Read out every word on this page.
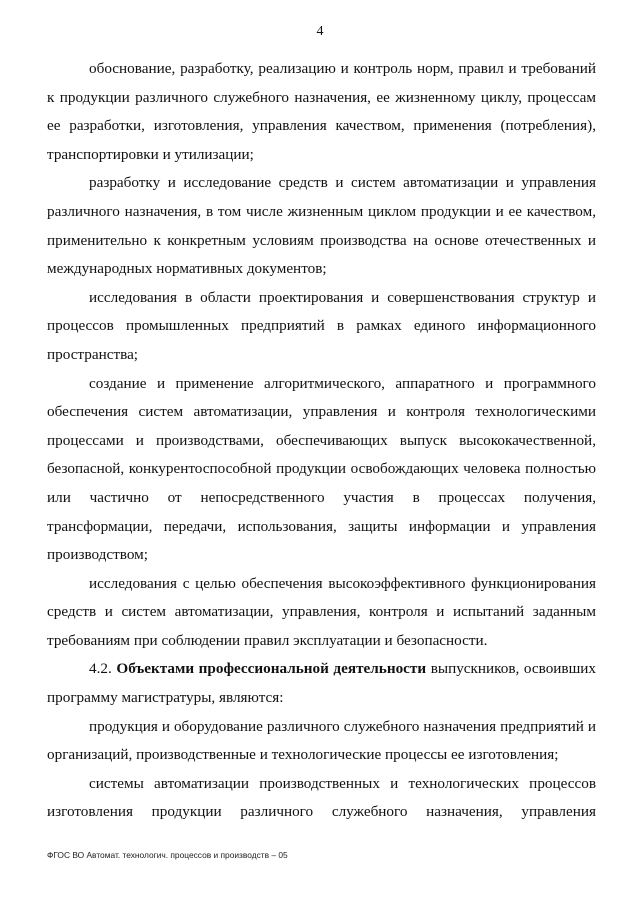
4

обоснование, разработку, реализацию и контроль норм, правил и требований к продукции различного служебного назначения, ее жизненному циклу, процессам ее разработки, изготовления, управления качеством, применения (потребления), транспортировки и утилизации;

разработку и исследование средств и систем автоматизации и управления различного назначения, в том числе жизненным циклом продукции и ее качеством, применительно к конкретным условиям производства на основе отечественных и международных нормативных документов;

исследования в области проектирования и совершенствования структур и процессов промышленных предприятий в рамках единого информационного пространства;

создание и применение алгоритмического, аппаратного и программного обеспечения систем автоматизации, управления и контроля технологическими процессами и производствами, обеспечивающих выпуск высококачественной, безопасной, конкурентоспособной продукции освобождающих человека полностью или частично от непосредственного участия в процессах получения, трансформации, передачи, использования, защиты информации и управления производством;

исследования с целью обеспечения высокоэффективного функционирования средств и систем автоматизации, управления, контроля и испытаний заданным требованиям при соблюдении правил эксплуатации и безопасности.

4.2. Объектами профессиональной деятельности выпускников, освоивших программу магистратуры, являются:

продукция и оборудование различного служебного назначения предприятий и организаций, производственные и технологические процессы ее изготовления;

системы автоматизации производственных и технологических процессов изготовления продукции различного служебного назначения, управления

ФГОС ВО Автомат. технологич. процессов и производств – 05
